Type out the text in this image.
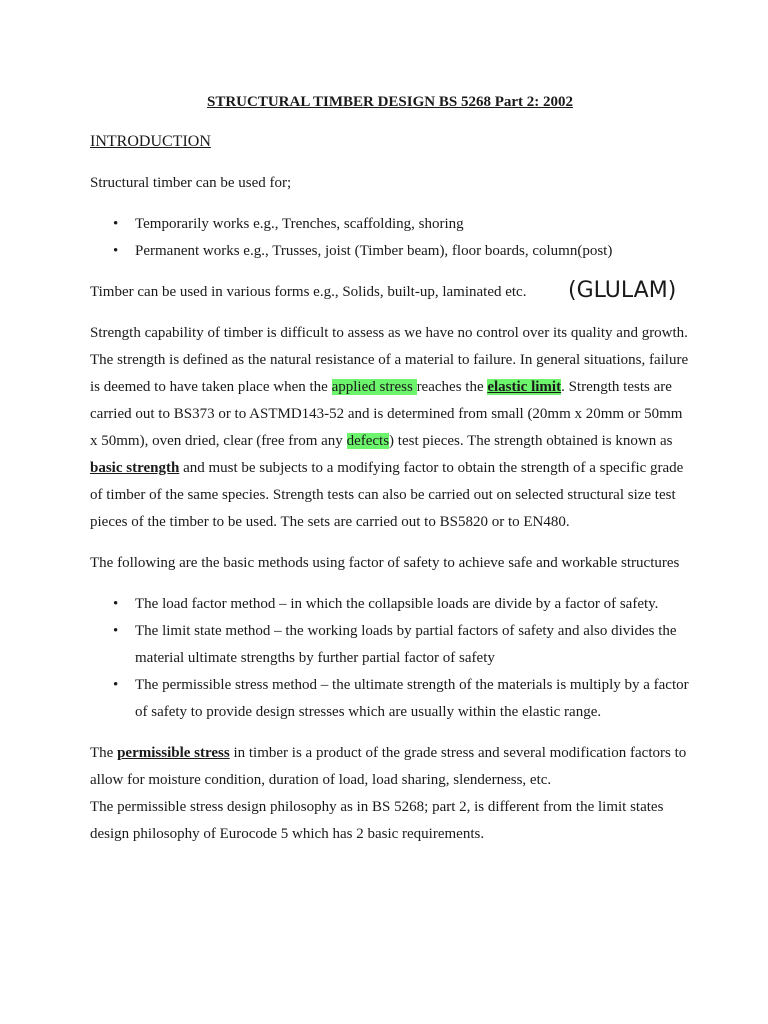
STRUCTURAL TIMBER DESIGN BS 5268 Part 2: 2002

INTRODUCTION

Structural timber can be used for;

• Temporarily works e.g., Trenches, scaffolding, shoring
• Permanent works e.g., Trusses, joist (Timber beam), floor boards, column(post)
Timber can be used in various forms e.g., Solids, built-up, laminated etc. (GLULAM)

Strength capability of timber is difficult to assess as we have no control over its quality and growth. The strength is defined as the natural resistance of a material to failure. In general situations, failure is deemed to have taken place when the applied stress reaches the elastic limit. Strength tests are carried out to BS373 or to ASTMD143-52 and is determined from small (20mm x 20mm or 50mm x 50mm), oven dried, clear (free from any defects) test pieces. The strength obtained is known as basic strength and must be subjects to a modifying factor to obtain the strength of a specific grade of timber of the same species. Strength tests can also be carried out on selected structural size test pieces of the timber to be used. The sets are carried out to BS5820 or to EN480.

The following are the basic methods using factor of safety to achieve safe and workable structures

• The load factor method – in which the collapsible loads are divide by a factor of safety.
• The limit state method – the working loads by partial factors of safety and also divides the material ultimate strengths by further partial factor of safety
• The permissible stress method – the ultimate strength of the materials is multiply by a factor of safety to provide design stresses which are usually within the elastic range.

The permissible stress in timber is a product of the grade stress and several modification factors to allow for moisture condition, duration of load, load sharing, slenderness, etc.

The permissible stress design philosophy as in BS 5268; part 2, is different from the limit states design philosophy of Eurocode 5 which has 2 basic requirements.
